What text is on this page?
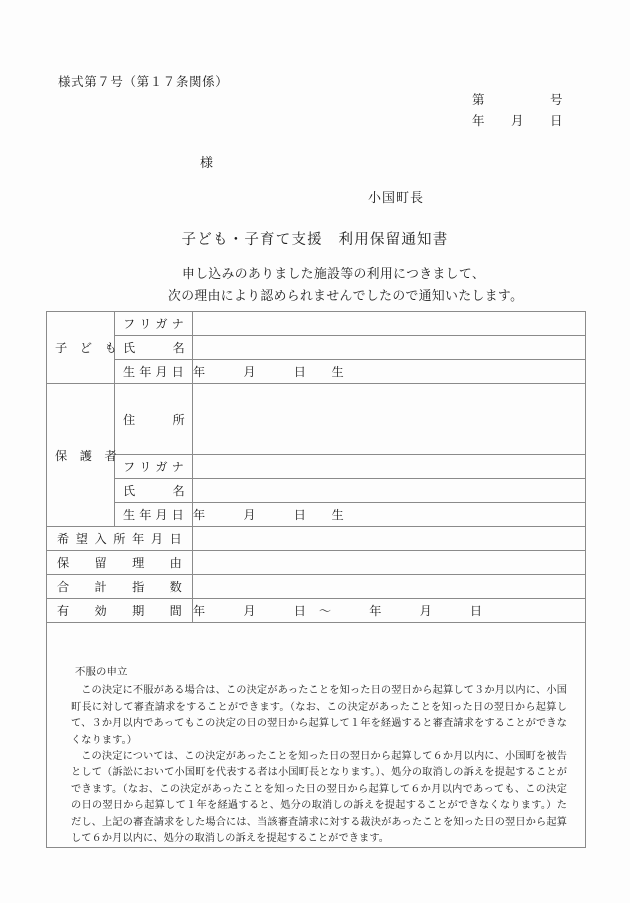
様式第７号（第１７条関係）
第　　　　　号
年　　月　　日
様
小国町長
子ども・子育て支援　利用保留通知書
申し込みのありました施設等の利用につきまして、
次の理由により認められませんでしたので通知いたします。
子　ど　も	フ リ ガ ナ	

	氏　　　名	

	生 年 月 日	年　　　月　　　日　　生

保　護　者	住　　　所	

	フ リ ガ ナ	

	氏　　　名	

	生 年 月 日	年　　　月　　　日　　生

希 望 入 所 年 月 日		

保　　留　　理　　由		

合　　計　　指　　数		

有　　効　　期　　間		年　　　月　　　日　～　　　年　　　月　　　日

不服の申立

この決定に不服がある場合は、この決定があったことを知った日の翌日から起算して３か月以内に、小国町長に対して審査請求をすることができます。（なお、この決定があったことを知った日の翌日から起算して、３か月以内であってもこの決定の日の翌日から起算して１年を経過すると審査請求をすることができなくなります。）

この決定については、この決定があったことを知った日の翌日から起算して６か月以内に、小国町を被告として（訴訟において小国町を代表する者は小国町長となります。）、処分の取消しの訴えを提起することができます。（なお、この決定があったことを知った日の翌日から起算して６か月以内であっても、この決定の日の翌日から起算して１年を経過すると、処分の取消しの訴えを提起することができなくなります。）ただし、上記の審査請求をした場合には、当該審査請求に対する裁決があったことを知った日の翌日から起算して６か月以内に、処分の取消しの訴えを提起することができます。		
